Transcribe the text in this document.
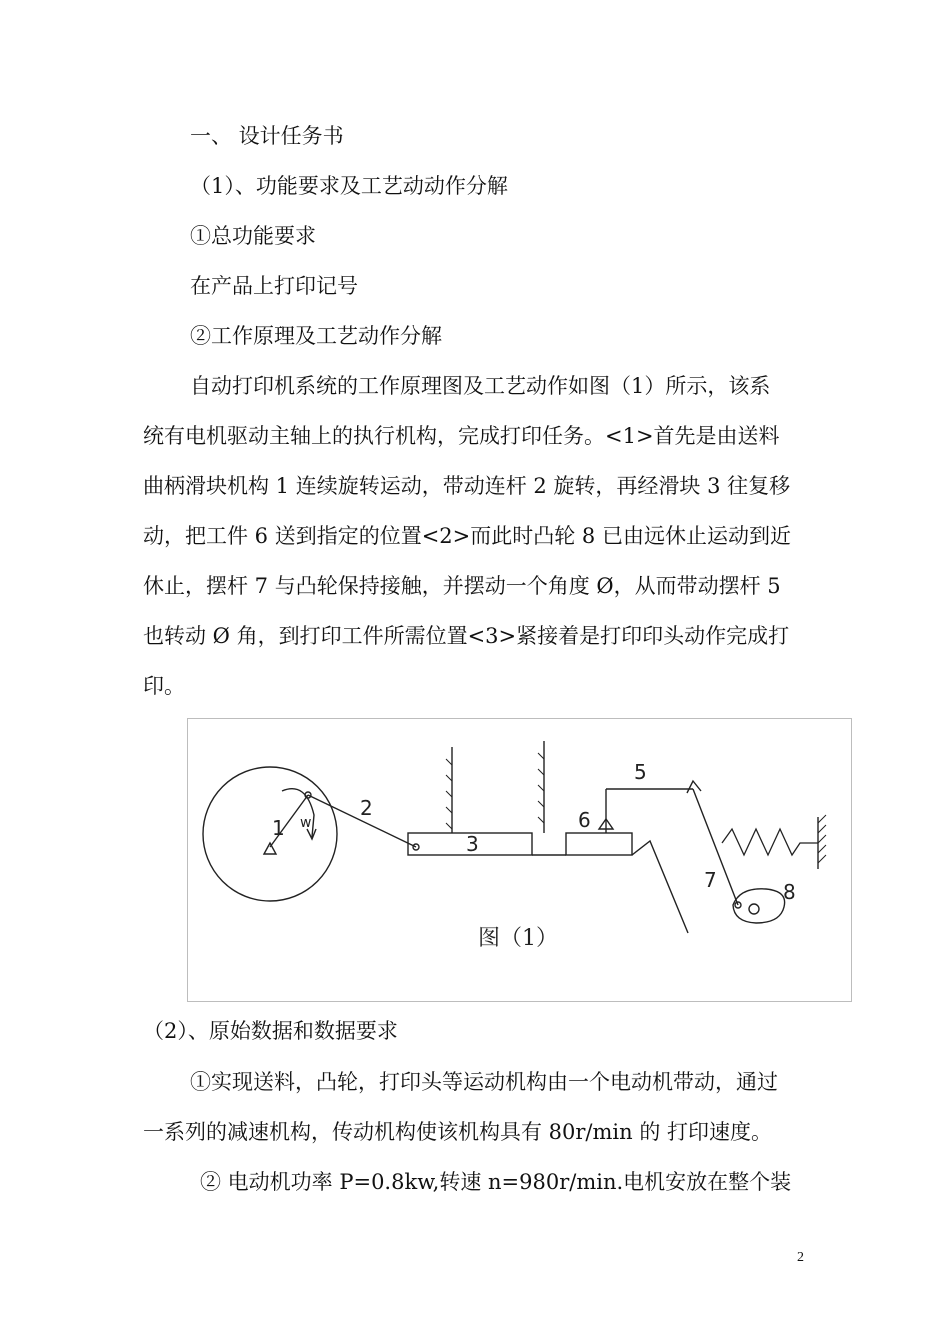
一、 设计任务书
（1）、功能要求及工艺动动作分解
①总功能要求
在产品上打印记号
②工作原理及工艺动作分解
自动打印机系统的工作原理图及工艺动作如图（1）所示，该系
统有电机驱动主轴上的执行机构，完成打印任务。<1>首先是由送料
曲柄滑块机构 1 连续旋转运动，带动连杆 2 旋转，再经滑块 3 往复移
动，把工件 6 送到指定的位置<2>而此时凸轮 8 已由远休止运动到近
休止，摆杆 7 与凸轮保持接触，并摆动一个角度 Ø，从而带动摆杆 5
也转动 Ø 角，到打印工件所需位置<3>紧接着是打印印头动作完成打
印。
1 w
2
3
5
6
7	8
图（1）
（2）、原始数据和数据要求
①实现送料，凸轮，打印头等运动机构由一个电动机带动，通过
一系列的减速机构，传动机构使该机构具有 80r/min 的 打印速度。
② 电动机功率 P=0.8kw,转速 n=980r/min.电机安放在整个装
2
